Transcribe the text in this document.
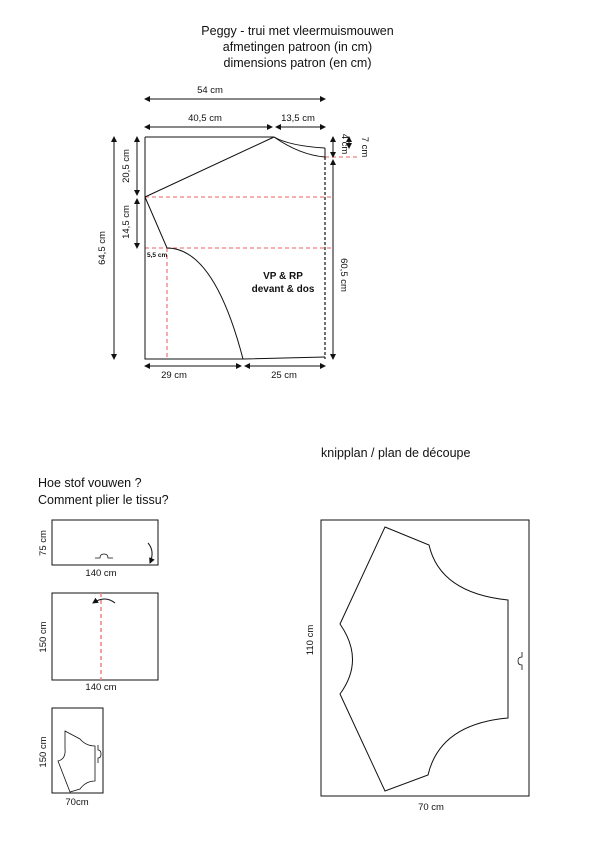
Peggy - trui met vleermuismouwen
afmetingen patroon (in cm)
dimensions patron (en cm)
Hoe stof vouwen ?
Comment plier le tissu?
knipplan / plan de découpe
54 cm
40,5 cm	13,5 cm
7 cm
4 cm
20,5 cm
14,5 cm
64,5 cm
60,5 cm
5,5 cm
29 cm	25 cm
VP & RP
devant & dos
75 cm
140 cm
150 cm
140 cm
150 cm
70cm
110 cm
70 cm
